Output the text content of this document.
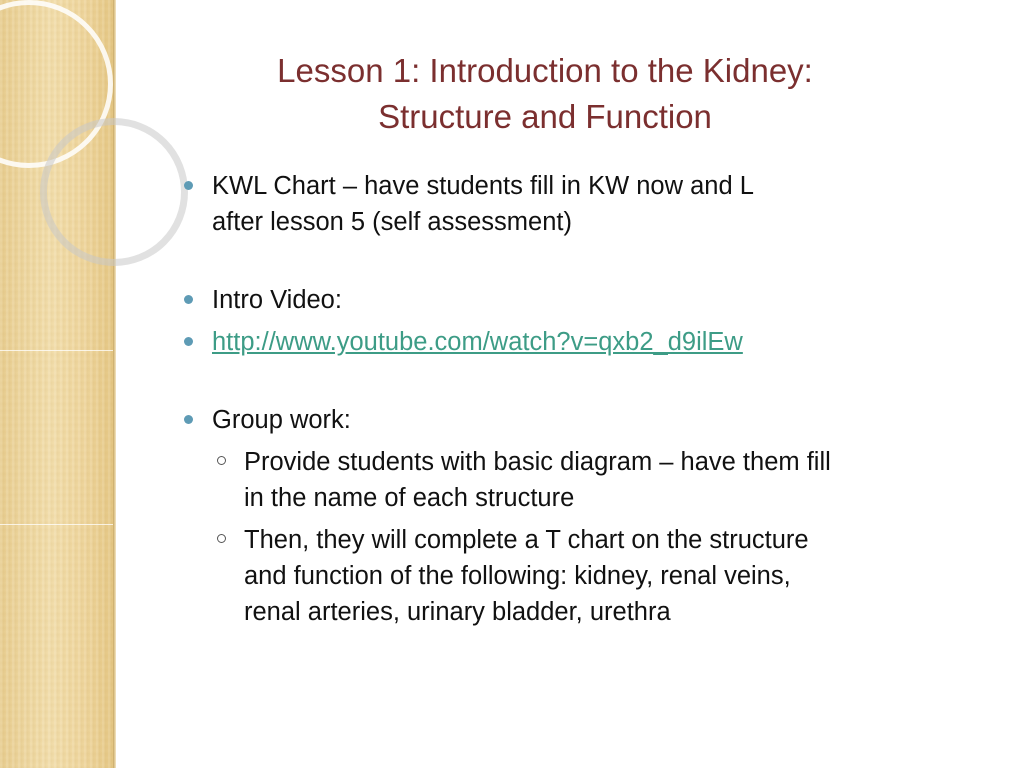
Lesson 1: Introduction to the Kidney:
Structure and Function
KWL Chart – have students fill in KW now and L
after lesson 5 (self assessment)
Intro Video:
http://www.youtube.com/watch?v=qxb2_d9ilEw
Group work:
Provide students with basic diagram – have them fill
in the name of each structure
Then, they will complete a T chart on the structure
and function of the following: kidney, renal veins,
renal arteries, urinary bladder, urethra
